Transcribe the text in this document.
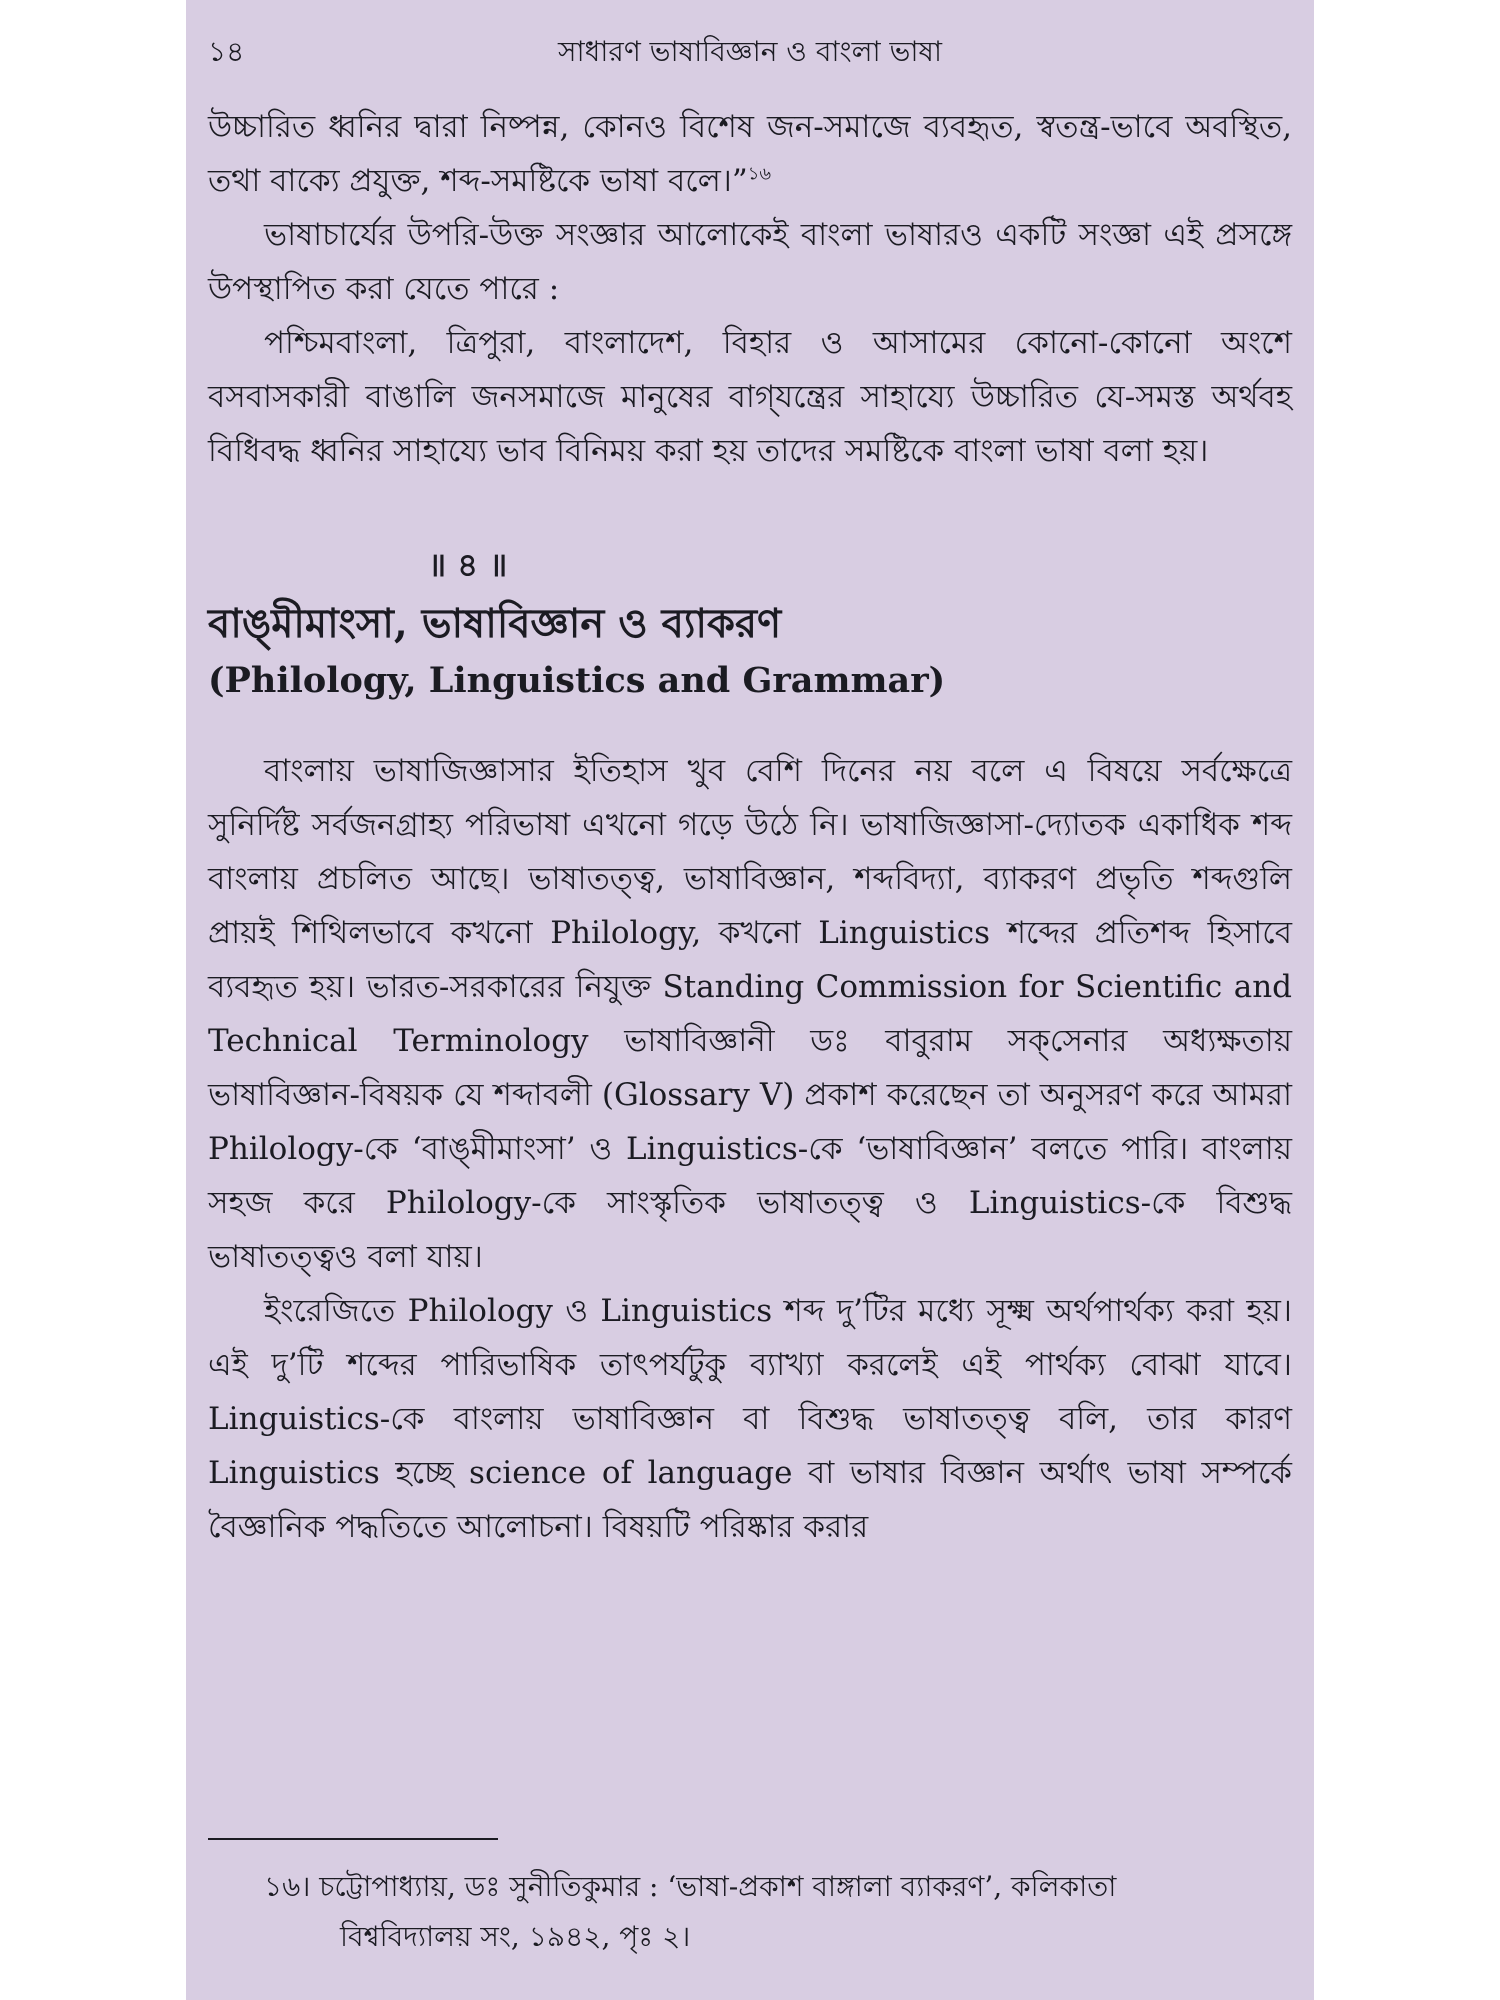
১৪	সাধারণ ভাষাবিজ্ঞান ও বাংলা ভাষা

উচ্চারিত ধ্বনির দ্বারা নিষ্পন্ন, কোনও বিশেষ জন-সমাজে ব্যবহৃত, স্বতন্ত্র-ভাবে অবস্থিত, তথা বাক্যে প্রযুক্ত, শব্দ-সমষ্টিকে ভাষা বলে।”$^{১৬}$

ভাষাচার্যের উপরি-উক্ত সংজ্ঞার আলোকেই বাংলা ভাষারও একটি সংজ্ঞা এই প্রসঙ্গে উপস্থাপিত করা যেতে পারে :

পশ্চিমবাংলা, ত্রিপুরা, বাংলাদেশ, বিহার ও আসামের কোনো-কোনো অংশে বসবাসকারী বাঙালি জনসমাজে মানুষের বাগ্‌যন্ত্রের সাহায্যে উচ্চারিত যে-সমস্ত অর্থবহ বিধিবদ্ধ ধ্বনির সাহায্যে ভাব বিনিময় করা হয় তাদের সমষ্টিকে বাংলা ভাষা বলা হয়।

॥ ৪ ॥
বাঙ্‌মীমাংসা, ভাষাবিজ্ঞান ও ব্যাকরণ
(Philology, Linguistics and Grammar)

বাংলায় ভাষাজিজ্ঞাসার ইতিহাস খুব বেশি দিনের নয় বলে এ বিষয়ে সর্বক্ষেত্রে সুনির্দিষ্ট সর্বজনগ্রাহ্য পরিভাষা এখনো গড়ে উঠে নি। ভাষাজিজ্ঞাসা-দ্যোতক একাধিক শব্দ বাংলায় প্রচলিত আছে। ভাষাতত্ত্ব, ভাষাবিজ্ঞান, শব্দবিদ্যা, ব্যাকরণ প্রভৃতি শব্দগুলি প্রায়ই শিথিলভাবে কখনো Philology, কখনো Linguistics শব্দের প্রতিশব্দ হিসাবে ব্যবহৃত হয়। ভারত-সরকারের নিযুক্ত Standing Commission for Scientific and Technical Terminology ভাষাবিজ্ঞানী ডঃ বাবুরাম সক্‌সেনার অধ্যক্ষতায় ভাষাবিজ্ঞান-বিষয়ক যে শব্দাবলী (Glossary V) প্রকাশ করেছেন তা অনুসরণ করে আমরা Philology-কে ‘বাঙ্‌মীমাংসা’ ও Linguistics-কে ‘ভাষাবিজ্ঞান’ বলতে পারি। বাংলায় সহজ করে Philology-কে সাংস্কৃতিক ভাষাতত্ত্ব ও Linguistics-কে বিশুদ্ধ ভাষাতত্ত্বও বলা যায়।

ইংরেজিতে Philology ও Linguistics শব্দ দু’টির মধ্যে সূক্ষ্ম অর্থপার্থক্য করা হয়। এই দু’টি শব্দের পারিভাষিক তাৎপর্যটুকু ব্যাখ্যা করলেই এই পার্থক্য বোঝা যাবে। Linguistics-কে বাংলায় ভাষাবিজ্ঞান বা বিশুদ্ধ ভাষাতত্ত্ব বলি, তার কারণ Linguistics হচ্ছে science of language বা ভাষার বিজ্ঞান অর্থাৎ ভাষা সম্পর্কে বৈজ্ঞানিক পদ্ধতিতে আলোচনা। বিষয়টি পরিষ্কার করার

১৬। চট্টোপাধ্যায়, ডঃ সুনীতিকুমার : ‘ভাষা-প্রকাশ বাঙ্গালা ব্যাকরণ’, কলিকাতা
বিশ্ববিদ্যালয় সং, ১৯৪২, পৃঃ ২।
